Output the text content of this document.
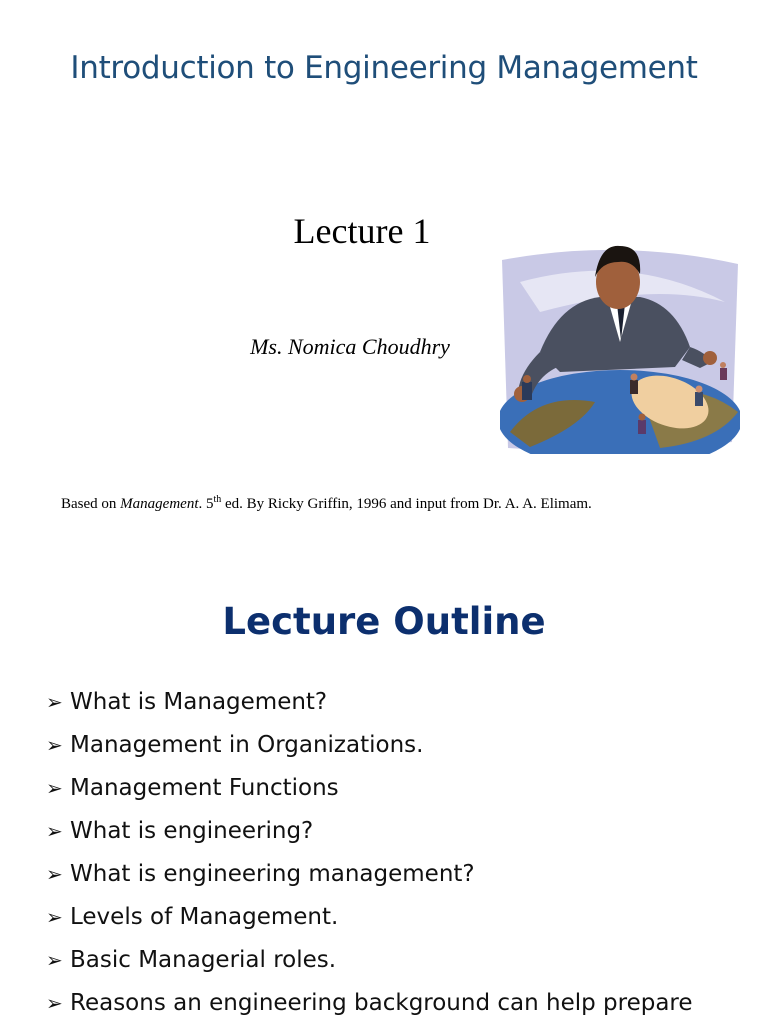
Introduction to Engineering Management
Lecture 1
Ms. Nomica Choudhry
Based on Management. 5th ed. By Ricky Griffin, 1996 and input from Dr. A. A. Elimam.
Lecture Outline
➢ What is Management?
➢ Management in Organizations.
➢ Management Functions
➢ What is engineering?
➢ What is engineering management?
➢ Levels of Management.
➢ Basic Managerial roles.
➢ Reasons an engineering background can help prepare
